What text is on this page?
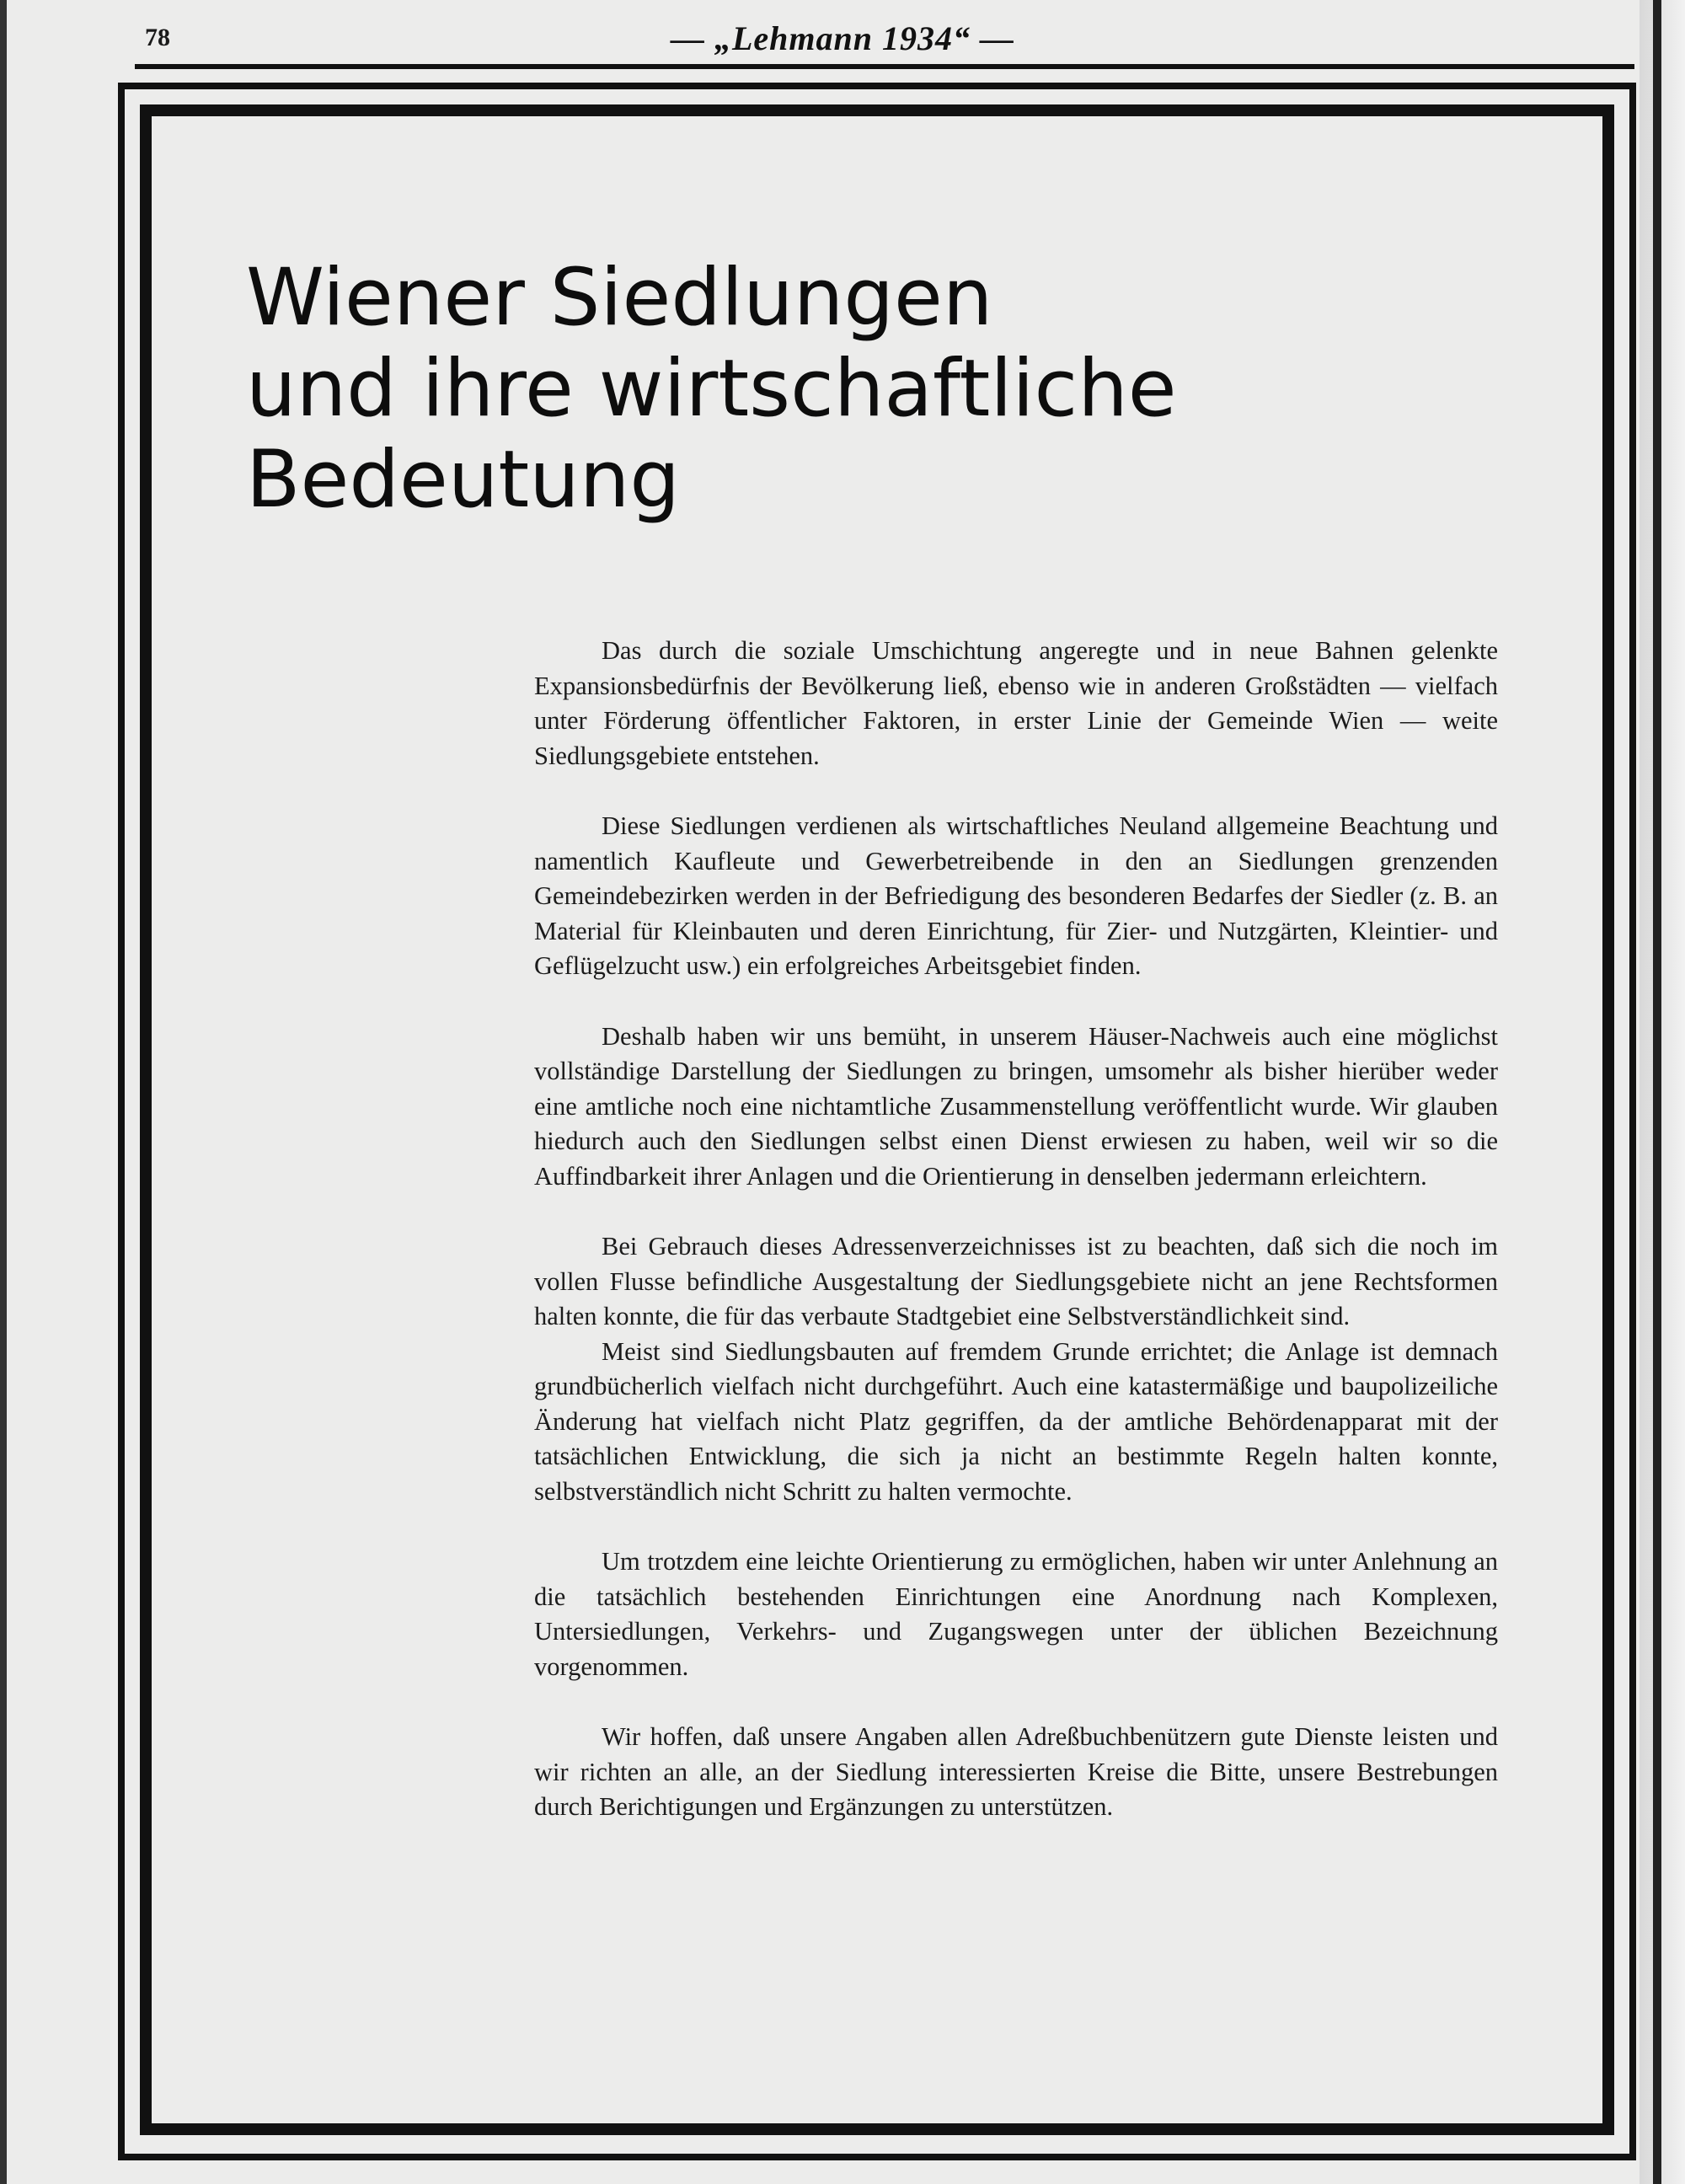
78	— „Lehmann 1934“ —
Wiener Siedlungen
und ihre wirtschaftliche
Bedeutung

Das durch die soziale Umschichtung angeregte und in neue Bahnen gelenkte Expansionsbedürfnis der Bevölkerung ließ, ebenso wie in anderen Großstädten — vielfach unter Förderung öffentlicher Faktoren, in erster Linie der Gemeinde Wien — weite Siedlungsgebiete entstehen.

Diese Siedlungen verdienen als wirtschaftliches Neuland allgemeine Beachtung und namentlich Kaufleute und Gewerbetreibende in den an Siedlungen grenzenden Gemeindebezirken werden in der Befriedigung des besonderen Bedarfes der Siedler (z. B. an Material für Kleinbauten und deren Einrichtung, für Zier- und Nutzgärten, Kleintier- und Geflügelzucht usw.) ein erfolgreiches Arbeitsgebiet finden.

Deshalb haben wir uns bemüht, in unserem Häuser-Nachweis auch eine möglichst vollständige Darstellung der Siedlungen zu bringen, umsomehr als bisher hierüber weder eine amtliche noch eine nichtamtliche Zusammenstellung veröffentlicht wurde. Wir glauben hiedurch auch den Siedlungen selbst einen Dienst erwiesen zu haben, weil wir so die Auffindbarkeit ihrer Anlagen und die Orientierung in denselben jedermann erleichtern.

Bei Gebrauch dieses Adressenverzeichnisses ist zu beachten, daß sich die noch im vollen Flusse befindliche Ausgestaltung der Siedlungsgebiete nicht an jene Rechtsformen halten konnte, die für das verbaute Stadtgebiet eine Selbstverständlichkeit sind.

Meist sind Siedlungsbauten auf fremdem Grunde errichtet; die Anlage ist demnach grundbücherlich vielfach nicht durchgeführt. Auch eine katastermäßige und baupolizeiliche Änderung hat vielfach nicht Platz gegriffen, da der amtliche Behördenapparat mit der tatsächlichen Entwicklung, die sich ja nicht an bestimmte Regeln halten konnte, selbstverständlich nicht Schritt zu halten vermochte.

Um trotzdem eine leichte Orientierung zu ermöglichen, haben wir unter Anlehnung an die tatsächlich bestehenden Einrichtungen eine Anordnung nach Komplexen, Untersiedlungen, Verkehrs- und Zugangswegen unter der üblichen Bezeichnung vorgenommen.

Wir hoffen, daß unsere Angaben allen Adreßbuchbenützern gute Dienste leisten und wir richten an alle, an der Siedlung interessierten Kreise die Bitte, unsere Bestrebungen durch Berichtigungen und Ergänzungen zu unterstützen.
